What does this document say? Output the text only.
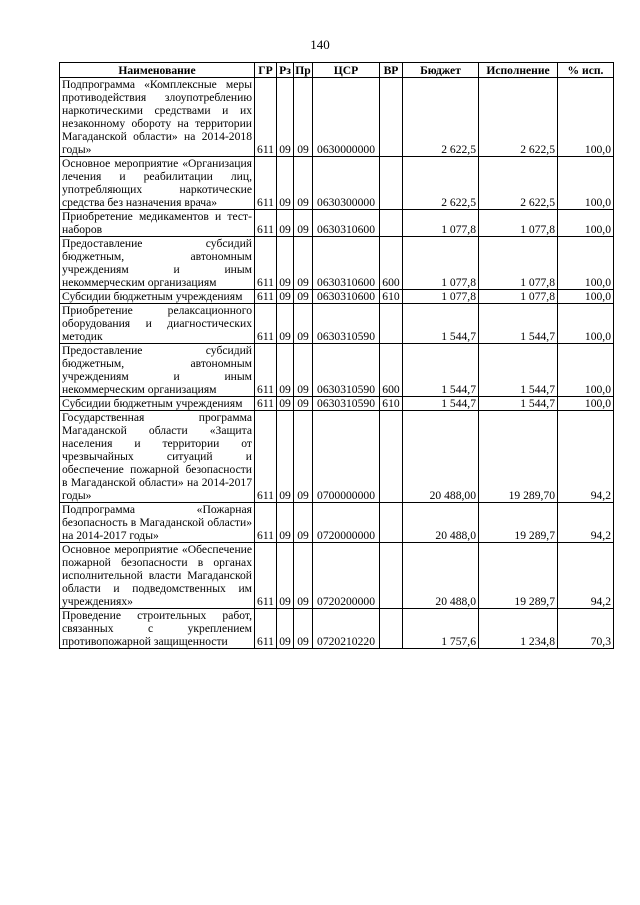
140
Наименование	ГР	Рз	Пр	ЦСР	ВР	Бюджет	Исполнение	% исп.
Подпрограмма «Комплексные меры противодействия злоупотреблению наркотическими средствами и их незаконному обороту на территории Магаданской области» на 2014-2018 годы»	611	09	09	0630000000		2 622,5	2 622,5	100,0
Основное мероприятие «Организация лечения и реабилитации лиц, употребляющих наркотические средства без назначения врача»	611	09	09	0630300000		2 622,5	2 622,5	100,0
Приобретение медикаментов и тест-наборов	611	09	09	0630310600		1 077,8	1 077,8	100,0
Предоставление субсидий бюджетным, автономным учреждениям и иным некоммерческим организациям	611	09	09	0630310600	600	1 077,8	1 077,8	100,0
Субсидии бюджетным учреждениям	611	09	09	0630310600	610	1 077,8	1 077,8	100,0
Приобретение релаксационного оборудования и диагностических методик	611	09	09	0630310590		1 544,7	1 544,7	100,0
Предоставление субсидий бюджетным, автономным учреждениям и иным некоммерческим организациям	611	09	09	0630310590	600	1 544,7	1 544,7	100,0
Субсидии бюджетным учреждениям	611	09	09	0630310590	610	1 544,7	1 544,7	100,0
Государственная программа Магаданской области «Защита населения и территории от чрезвычайных ситуаций и обеспечение пожарной безопасности в Магаданской области» на 2014-2017 годы»	611	09	09	0700000000		20 488,00	19 289,70	94,2
Подпрограмма «Пожарная безопасность в Магаданской области» на 2014-2017 годы»	611	09	09	0720000000		20 488,0	19 289,7	94,2
Основное мероприятие «Обеспечение пожарной безопасности в органах исполнительной власти Магаданской области и подведомственных им учреждениях»	611	09	09	0720200000		20 488,0	19 289,7	94,2
Проведение строительных работ, связанных с укреплением противопожарной защищенности	611	09	09	0720210220		1 757,6	1 234,8	70,3
